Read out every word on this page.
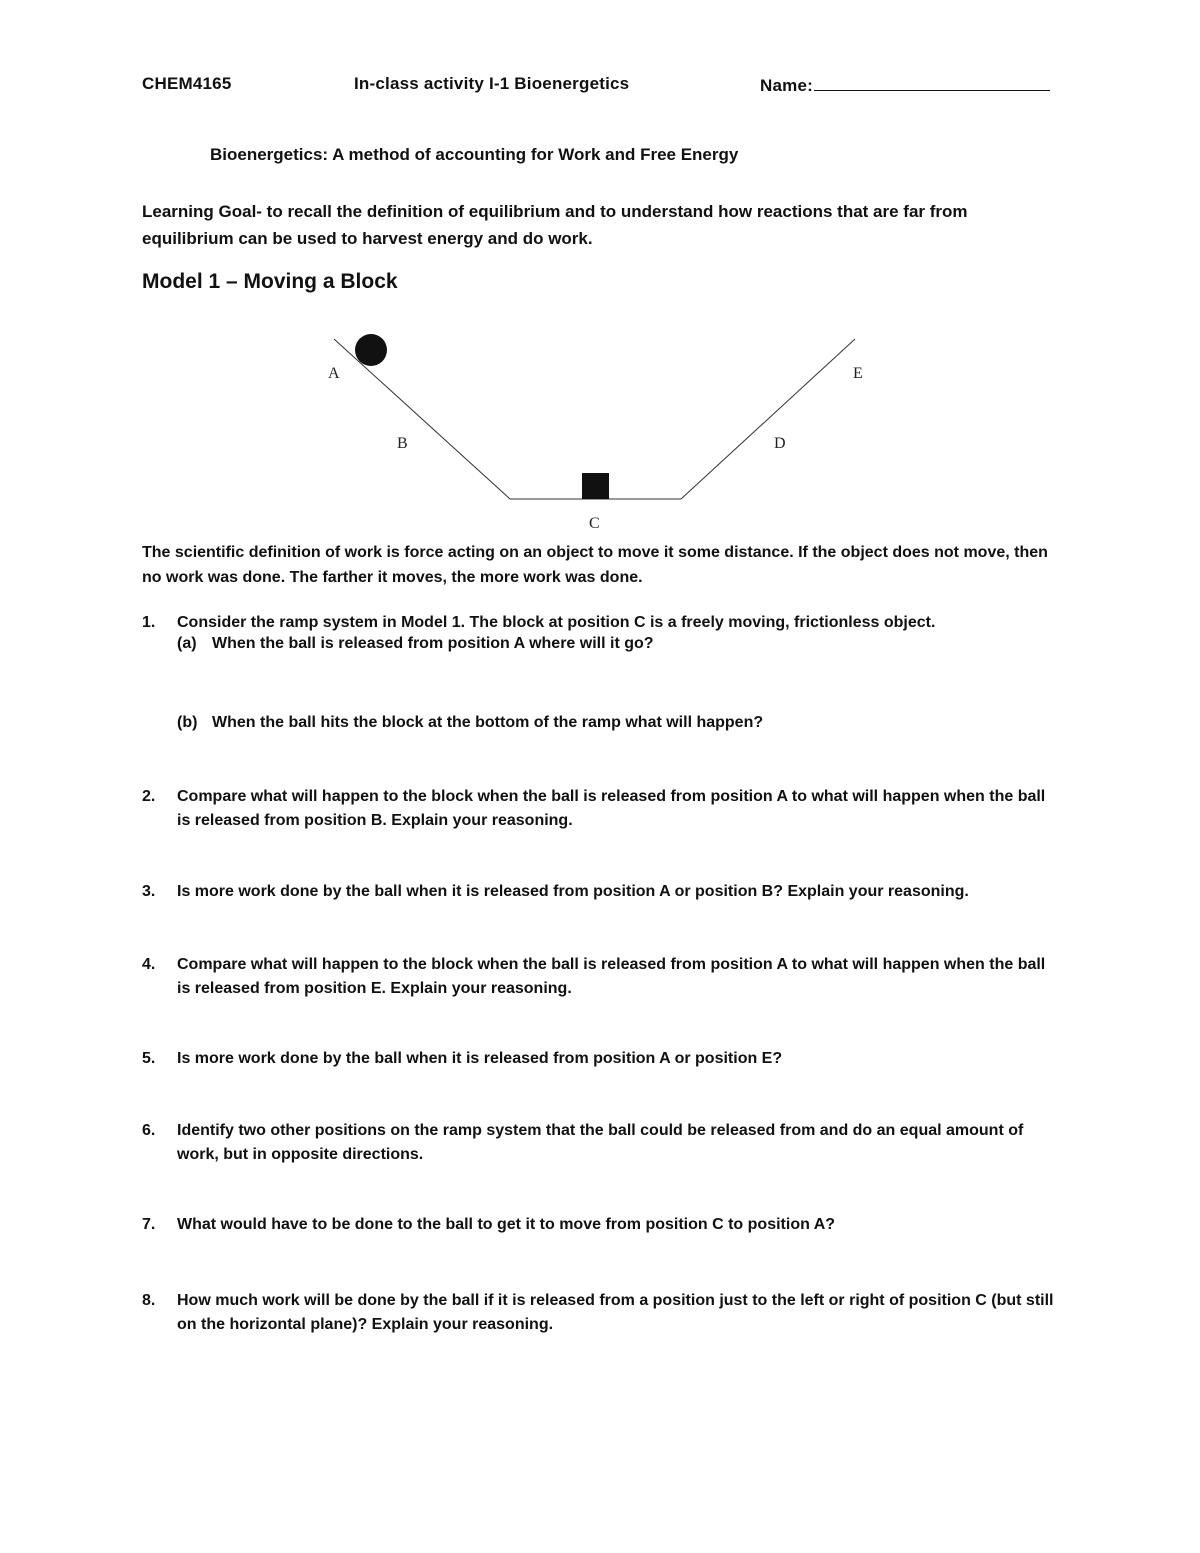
CHEM4165	In-class activity I-1 Bioenergetics	Name:
Bioenergetics: A method of accounting for Work and Free Energy
Learning Goal- to recall the definition of equilibrium and to understand how reactions that are far from equilibrium can be used to harvest energy and do work.
Model 1 – Moving a Block
A
B
C
D
E
The scientific definition of work is force acting on an object to move it some distance. If the object does not move, then no work was done. The farther it moves, the more work was done.
1. Consider the ramp system in Model 1. The block at position C is a freely moving, frictionless object.
(a) When the ball is released from position A where will it go?
(b) When the ball hits the block at the bottom of the ramp what will happen?
2. Compare what will happen to the block when the ball is released from position A to what will happen when the ball is released from position B. Explain your reasoning.
3. Is more work done by the ball when it is released from position A or position B? Explain your reasoning.
4. Compare what will happen to the block when the ball is released from position A to what will happen when the ball is released from position E. Explain your reasoning.
5. Is more work done by the ball when it is released from position A or position E?
6. Identify two other positions on the ramp system that the ball could be released from and do an equal amount of work, but in opposite directions.
7. What would have to be done to the ball to get it to move from position C to position A?
8. How much work will be done by the ball if it is released from a position just to the left or right of position C (but still on the horizontal plane)? Explain your reasoning.
